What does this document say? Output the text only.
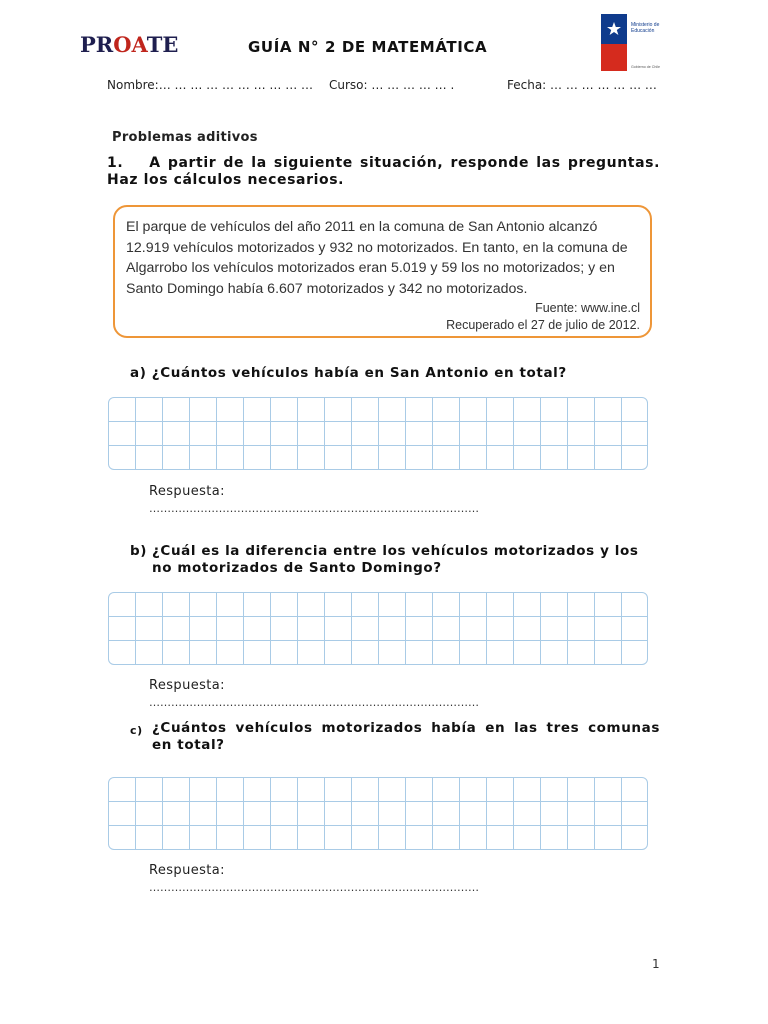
PROATE	GUÍA N° 2 DE MATEMÁTICA
Ministerio de
Educación
Gobierno de Chile
Nombre:… … … … … … … … … … Curso: … … … … … .	Fecha: … … … … … … …
Problemas aditivos
1. A partir de la siguiente situación, responde las preguntas. Haz los cálculos necesarios.
El parque de vehículos del año 2011 en la comuna de San Antonio alcanzó 12.919 vehículos motorizados y 932 no motorizados. En tanto, en la comuna de Algarrobo los vehículos motorizados eran 5.019 y 59 los no motorizados; y en Santo Domingo había 6.607 motorizados y 342 no motorizados.
Fuente: www.ine.cl
Recuperado el 27 de julio de 2012.
a) ¿Cuántos vehículos había en San Antonio en total?
Respuesta:
………………………………………………………………………………
b) ¿Cuál es la diferencia entre los vehículos motorizados y los no motorizados de Santo Domingo?
Respuesta:
………………………………………………………………………………
c) ¿Cuántos vehículos motorizados había en las tres comunas en total?
Respuesta:
………………………………………………………………………………
1
